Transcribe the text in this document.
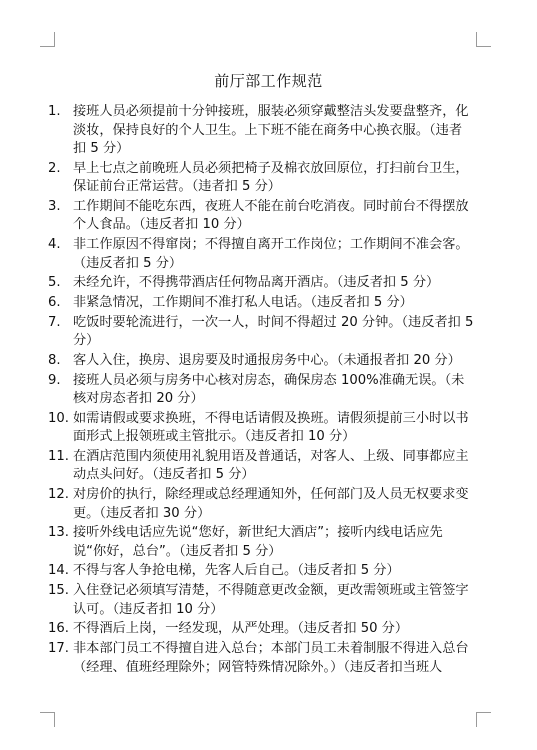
前厅部工作规范
1. 接班人员必须提前十分钟接班，服装必须穿戴整洁头发要盘整齐，化淡妆，保持良好的个人卫生。上下班不能在商务中心换衣服。（违者扣 5 分）
2. 早上七点之前晚班人员必须把椅子及棉衣放回原位，打扫前台卫生，保证前台正常运营。（违者扣 5 分）
3. 工作期间不能吃东西，夜班人不能在前台吃消夜。同时前台不得摆放个人食品。（违反者扣 10 分）
4. 非工作原因不得窜岗；不得擅自离开工作岗位；工作期间不准会客。（违反者扣 5 分）
5. 未经允许，不得携带酒店任何物品离开酒店。（违反者扣 5 分）
6. 非紧急情况，工作期间不准打私人电话。（违反者扣 5 分）
7. 吃饭时要轮流进行，一次一人，时间不得超过 20 分钟。（违反者扣 5 分）
8. 客人入住，换房、退房要及时通报房务中心。（未通报者扣 20 分）
9. 接班人员必须与房务中心核对房态，确保房态 100%准确无误。（未核对房态者扣 20 分）
10. 如需请假或要求换班，不得电话请假及换班。请假须提前三小时以书面形式上报领班或主管批示。（违反者扣 10 分）
11. 在酒店范围内须使用礼貌用语及普通话，对客人、上级、同事都应主动点头问好。（违反者扣 5 分）
12. 对房价的执行，除经理或总经理通知外，任何部门及人员无权要求变更。（违反者扣 30 分）
13. 接听外线电话应先说“您好，新世纪大酒店”；接听内线电话应先说“你好，总台”。（违反者扣 5 分）
14. 不得与客人争抢电梯，先客人后自己。（违反者扣 5 分）
15. 入住登记必须填写清楚，不得随意更改金额，更改需领班或主管签字认可。（违反者扣 10 分）
16. 不得酒后上岗，一经发现，从严处理。（违反者扣 50 分）
17. 非本部门员工不得擅自进入总台；本部门员工未着制服不得进入总台（经理、值班经理除外；网管特殊情况除外。）（违反者扣当班人
